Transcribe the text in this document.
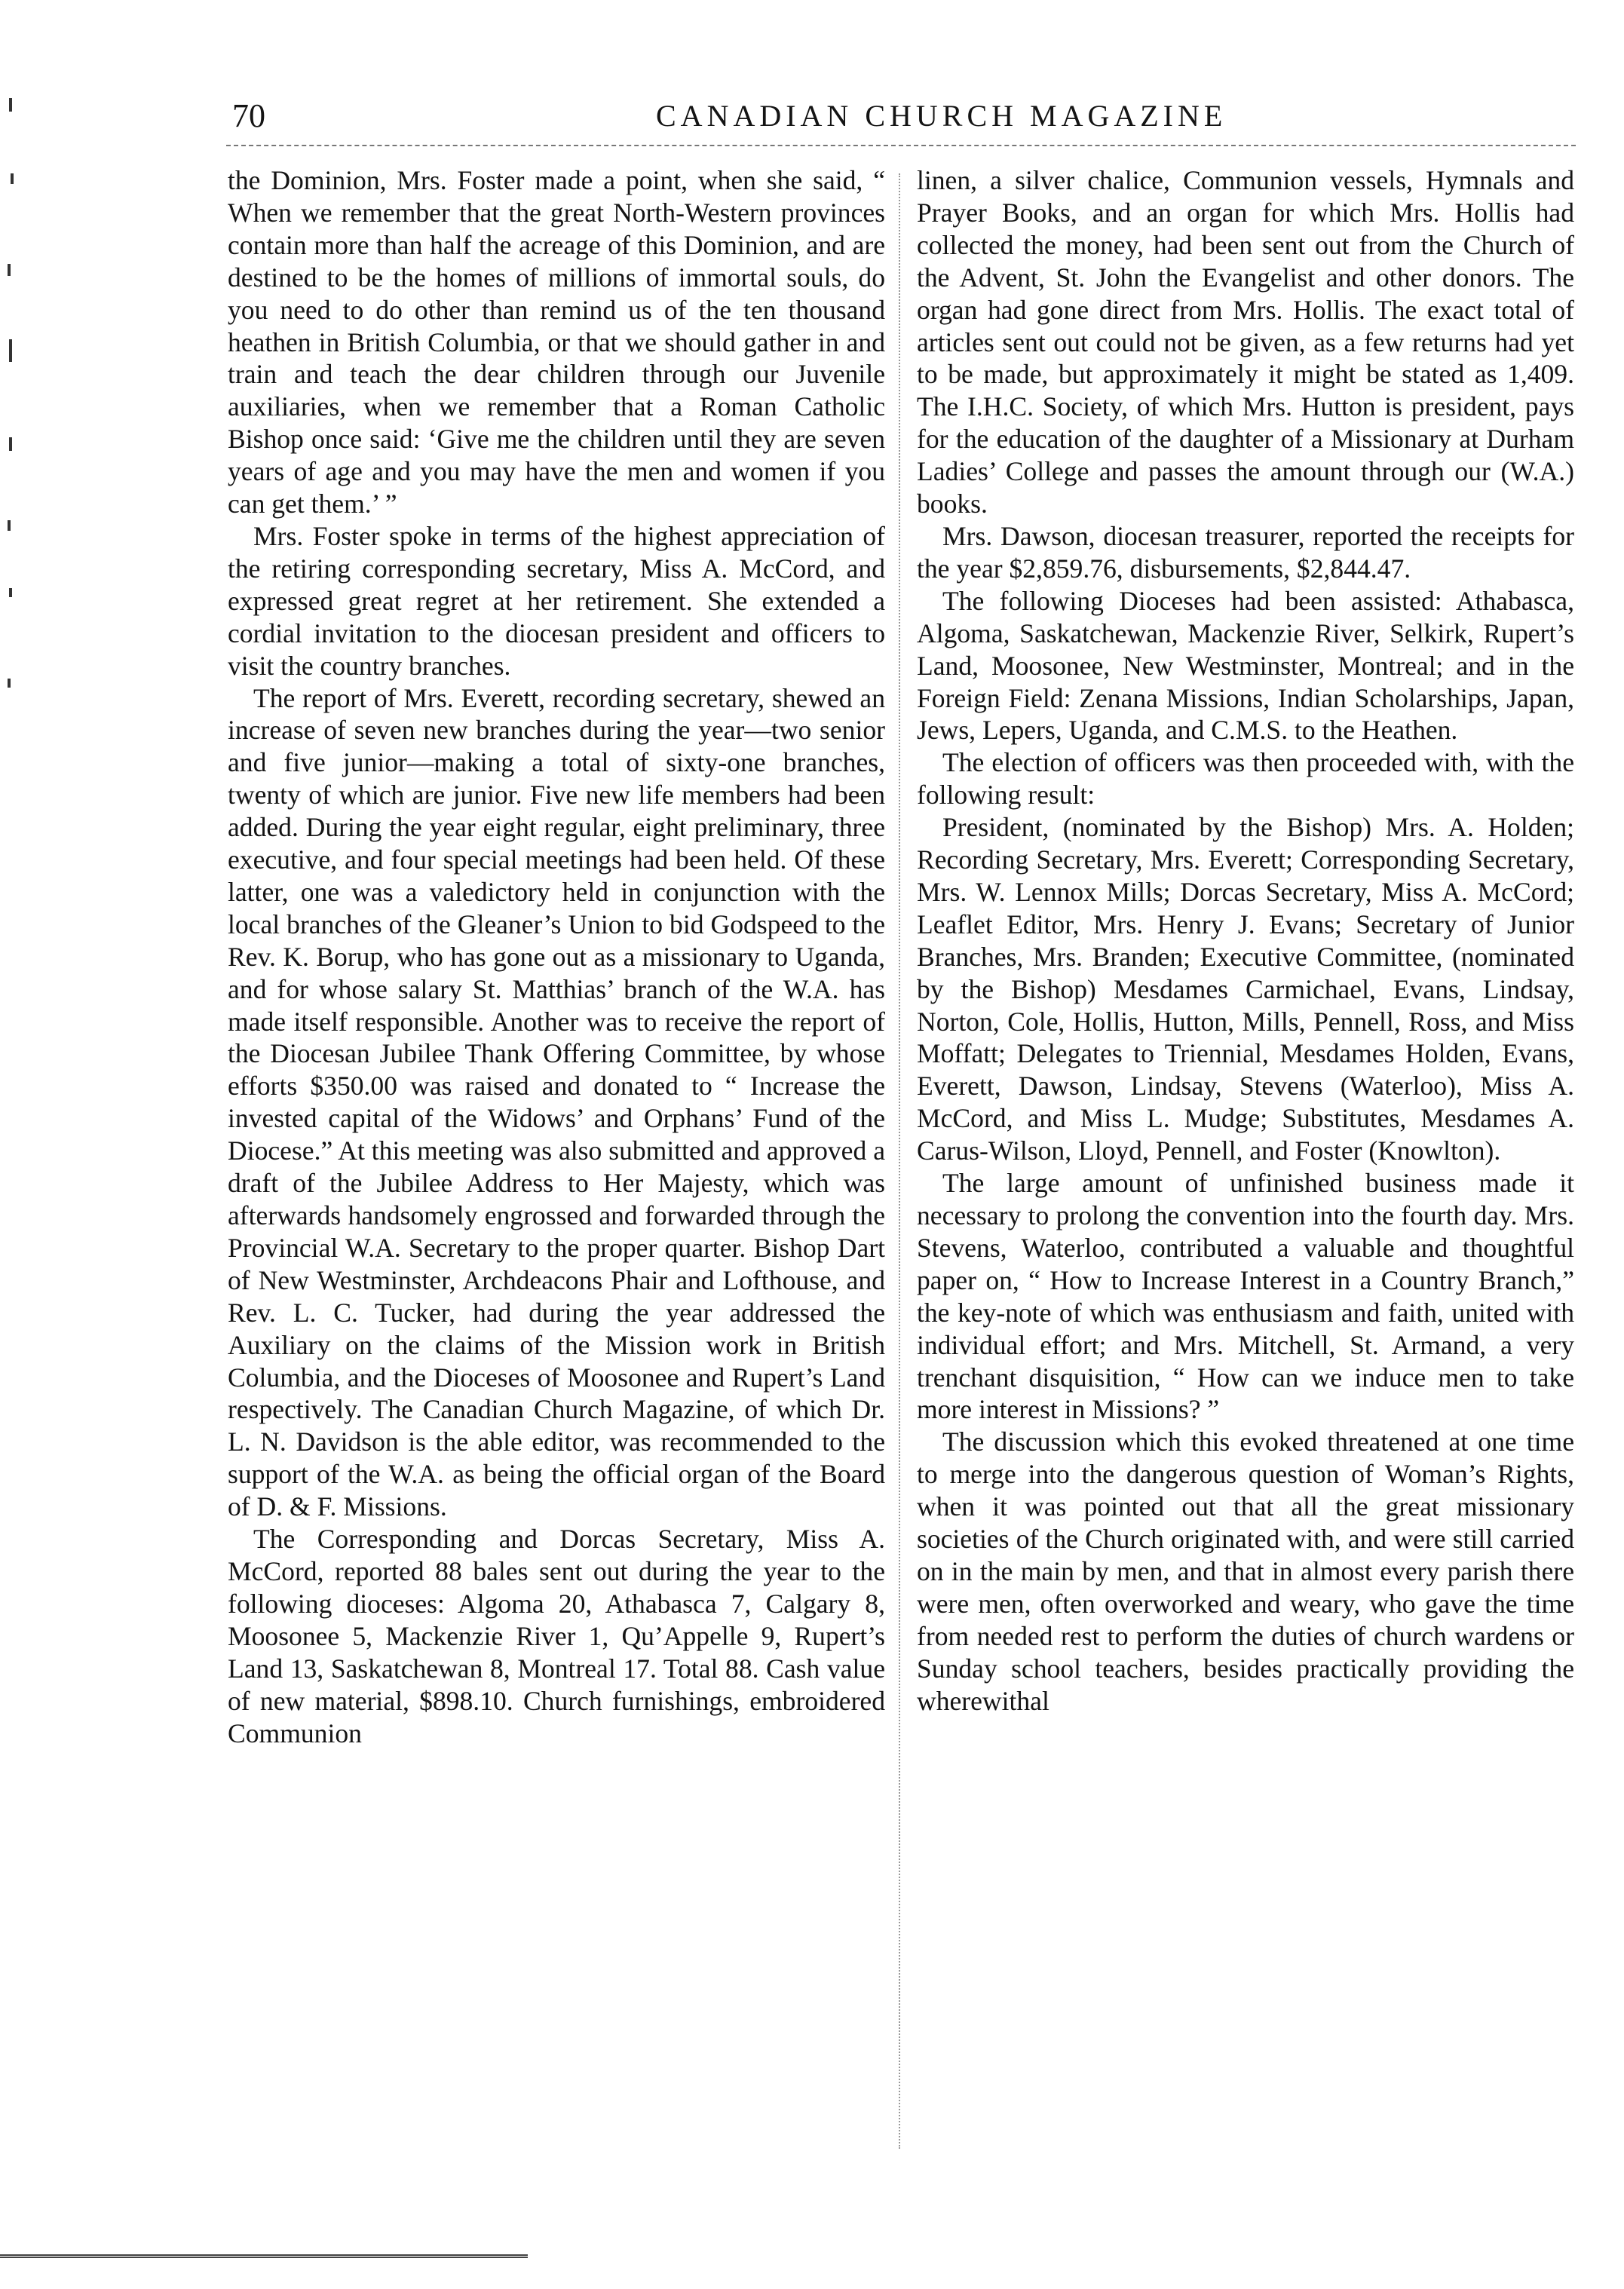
70	CANADIAN CHURCH MAGAZINE

the Dominion, Mrs. Foster made a point, when she said, “ When we remember that the great North-Western provinces contain more than half the acreage of this Dominion, and are destined to be the homes of millions of immortal souls, do you need to do other than remind us of the ten thousand heathen in British Columbia, or that we should gather in and train and teach the dear children through our Juvenile auxiliaries, when we remember that a Roman Catholic Bishop once said: ‘Give me the children until they are seven years of age and you may have the men and women if you can get them.’ ”

Mrs. Foster spoke in terms of the highest appreciation of the retiring corresponding secretary, Miss A. McCord, and expressed great regret at her retirement. She extended a cordial invitation to the diocesan president and officers to visit the country branches.

The report of Mrs. Everett, recording secretary, shewed an increase of seven new branches during the year—two senior and five junior—making a total of sixty-one branches, twenty of which are junior. Five new life members had been added. During the year eight regular, eight preliminary, three executive, and four special meetings had been held. Of these latter, one was a valedictory held in conjunction with the local branches of the Gleaner’s Union to bid Godspeed to the Rev. K. Borup, who has gone out as a missionary to Uganda, and for whose salary St. Matthias’ branch of the W.A. has made itself responsible. Another was to receive the report of the Diocesan Jubilee Thank Offering Committee, by whose efforts $350.00 was raised and donated to “ Increase the invested capital of the Widows’ and Orphans’ Fund of the Diocese.” At this meeting was also submitted and approved a draft of the Jubilee Address to Her Majesty, which was afterwards handsomely engrossed and forwarded through the Provincial W.A. Secretary to the proper quarter. Bishop Dart of New Westminster, Archdeacons Phair and Lofthouse, and Rev. L. C. Tucker, had during the year addressed the Auxiliary on the claims of the Mission work in British Columbia, and the Dioceses of Moosonee and Rupert’s Land respectively. The Canadian Church Magazine, of which Dr. L. N. Davidson is the able editor, was recommended to the support of the W.A. as being the official organ of the Board of D. & F. Missions.

The Corresponding and Dorcas Secretary, Miss A. McCord, reported 88 bales sent out during the year to the following dioceses: Algoma 20, Athabasca 7, Calgary 8, Moosonee 5, Mackenzie River 1, Qu’Appelle 9, Rupert’s Land 13, Saskatchewan 8, Montreal 17. Total 88. Cash value of new material, $898.10. Church furnishings, embroidered Communion

linen, a silver chalice, Communion vessels, Hymnals and Prayer Books, and an organ for which Mrs. Hollis had collected the money, had been sent out from the Church of the Advent, St. John the Evangelist and other donors. The organ had gone direct from Mrs. Hollis. The exact total of articles sent out could not be given, as a few returns had yet to be made, but approximately it might be stated as 1,409. The I.H.C. Society, of which Mrs. Hutton is president, pays for the education of the daughter of a Missionary at Durham Ladies’ College and passes the amount through our (W.A.) books.

Mrs. Dawson, diocesan treasurer, reported the receipts for the year $2,859.76, disbursements, $2,844.47.

The following Dioceses had been assisted: Athabasca, Algoma, Saskatchewan, Mackenzie River, Selkirk, Rupert’s Land, Moosonee, New Westminster, Montreal; and in the Foreign Field: Zenana Missions, Indian Scholarships, Japan, Jews, Lepers, Uganda, and C.M.S. to the Heathen.

The election of officers was then proceeded with, with the following result:

President, (nominated by the Bishop) Mrs. A. Holden; Recording Secretary, Mrs. Everett; Corresponding Secretary, Mrs. W. Lennox Mills; Dorcas Secretary, Miss A. McCord; Leaflet Editor, Mrs. Henry J. Evans; Secretary of Junior Branches, Mrs. Branden; Executive Committee, (nominated by the Bishop) Mesdames Carmichael, Evans, Lindsay, Norton, Cole, Hollis, Hutton, Mills, Pennell, Ross, and Miss Moffatt; Delegates to Triennial, Mesdames Holden, Evans, Everett, Dawson, Lindsay, Stevens (Waterloo), Miss A. McCord, and Miss L. Mudge; Substitutes, Mesdames A. Carus-Wilson, Lloyd, Pennell, and Foster (Knowlton).

The large amount of unfinished business made it necessary to prolong the convention into the fourth day. Mrs. Stevens, Waterloo, contributed a valuable and thoughtful paper on, “ How to Increase Interest in a Country Branch,” the key-note of which was enthusiasm and faith, united with individual effort; and Mrs. Mitchell, St. Armand, a very trenchant disquisition, “ How can we induce men to take more interest in Missions? ”

The discussion which this evoked threatened at one time to merge into the dangerous question of Woman’s Rights, when it was pointed out that all the great missionary societies of the Church originated with, and were still carried on in the main by men, and that in almost every parish there were men, often overworked and weary, who gave the time from needed rest to perform the duties of church wardens or Sunday school teachers, besides practically providing the wherewithal
